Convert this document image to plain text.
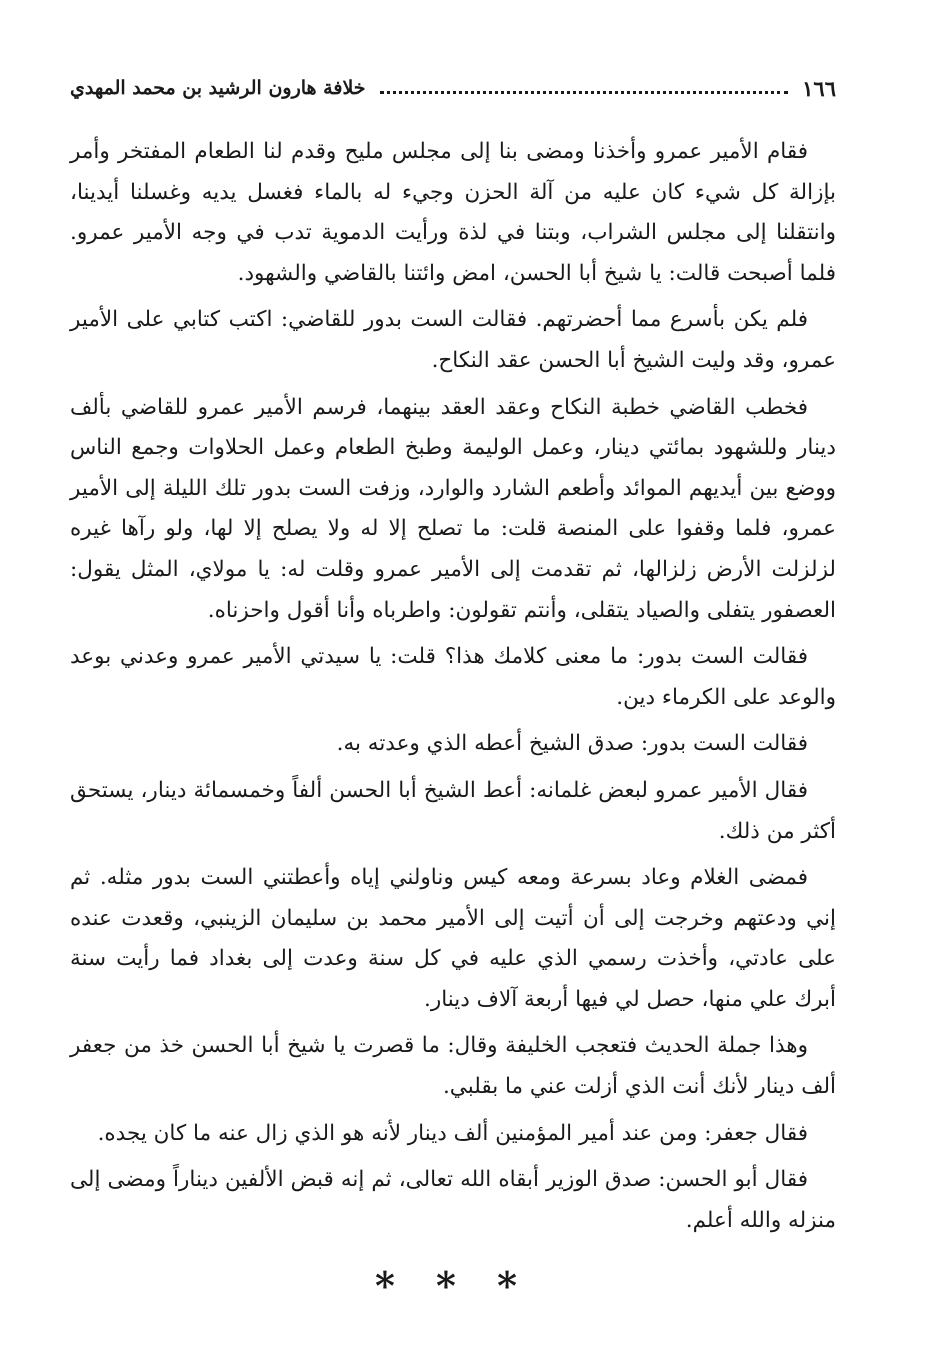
١٦٦
خلافة هارون الرشيد بن محمد المهدي

فقام الأمير عمرو وأخذنا ومضى بنا إلى مجلس مليح وقدم لنا الطعام المفتخر وأمر بإزالة كل شيء كان عليه من آلة الحزن وجيء له بالماء فغسل يديه وغسلنا أيدينا، وانتقلنا إلى مجلس الشراب، وبتنا في لذة ورأيت الدموية تدب في وجه الأمير عمرو. فلما أصبحت قالت: يا شيخ أبا الحسن، امض وائتنا بالقاضي والشهود.

فلم يكن بأسرع مما أحضرتهم. فقالت الست بدور للقاضي: اكتب كتابي على الأمير عمرو، وقد وليت الشيخ أبا الحسن عقد النكاح.

فخطب القاضي خطبة النكاح وعقد العقد بينهما، فرسم الأمير عمرو للقاضي بألف دينار وللشهود بمائتي دينار، وعمل الوليمة وطبخ الطعام وعمل الحلاوات وجمع الناس ووضع بين أيديهم الموائد وأطعم الشارد والوارد، وزفت الست بدور تلك الليلة إلى الأمير عمرو، فلما وقفوا على المنصة قلت: ما تصلح إلا له ولا يصلح إلا لها، ولو رآها غيره لزلزلت الأرض زلزالها، ثم تقدمت إلى الأمير عمرو وقلت له: يا مولاي، المثل يقول: العصفور يتفلى والصياد يتقلى، وأنتم تقولون: واطرباه وأنا أقول واحزناه.

فقالت الست بدور: ما معنى كلامك هذا؟ قلت: يا سيدتي الأمير عمرو وعدني بوعد والوعد على الكرماء دين.

فقالت الست بدور: صدق الشيخ أعطه الذي وعدته به.

فقال الأمير عمرو لبعض غلمانه: أعط الشيخ أبا الحسن ألفاً وخمسمائة دينار، يستحق أكثر من ذلك.

فمضى الغلام وعاد بسرعة ومعه كيس وناولني إياه وأعطتني الست بدور مثله. ثم إني ودعتهم وخرجت إلى أن أتيت إلى الأمير محمد بن سليمان الزينبي، وقعدت عنده على عادتي، وأخذت رسمي الذي عليه في كل سنة وعدت إلى بغداد فما رأيت سنة أبرك علي منها، حصل لي فيها أربعة آلاف دينار.

وهذا جملة الحديث فتعجب الخليفة وقال: ما قصرت يا شيخ أبا الحسن خذ من جعفر ألف دينار لأنك أنت الذي أزلت عني ما بقلبي.

فقال جعفر: ومن عند أمير المؤمنين ألف دينار لأنه هو الذي زال عنه ما كان يجده.

فقال أبو الحسن: صدق الوزير أبقاه الله تعالى، ثم إنه قبض الألفين ديناراً ومضى إلى منزله والله أعلم.

* * *
